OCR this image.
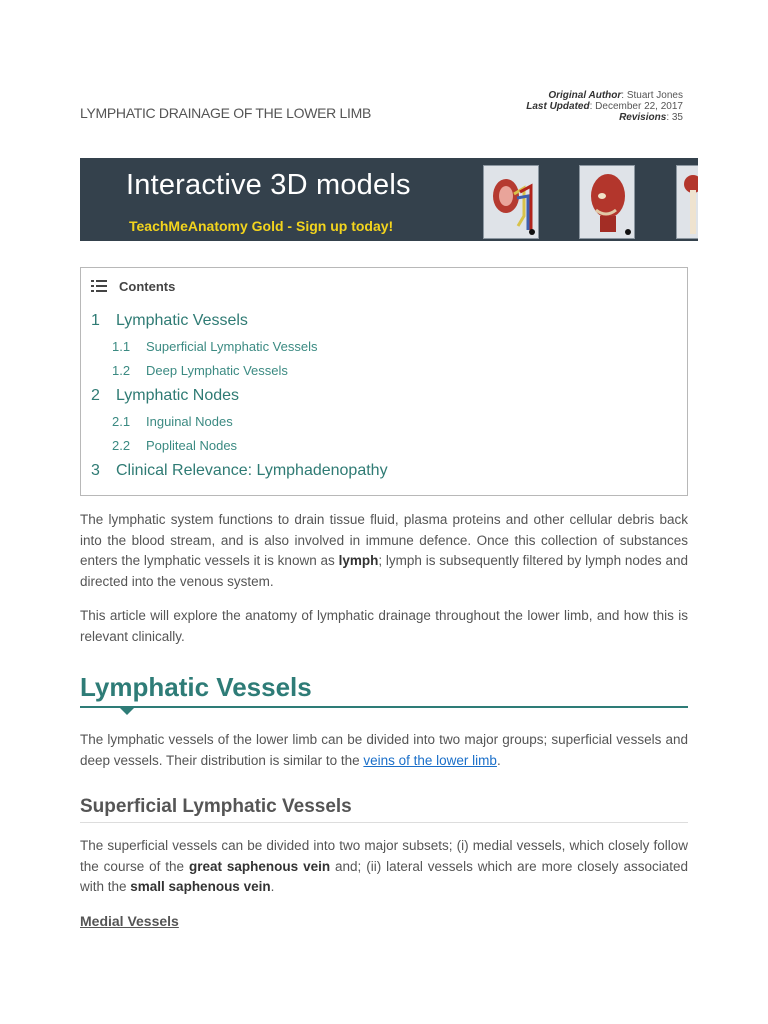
LYMPHATIC DRAINAGE OF THE LOWER LIMB
Original Author: Stuart Jones
Last Updated: December 22, 2017
Revisions: 35
Interactive 3D models
TeachMeAnatomy Gold - Sign up today!
Contents
1 Lymphatic Vessels
1.1 Superficial Lymphatic Vessels
1.2 Deep Lymphatic Vessels
2 Lymphatic Nodes
2.1 Inguinal Nodes
2.2 Popliteal Nodes
3 Clinical Relevance: Lymphadenopathy

The lymphatic system functions to drain tissue fluid, plasma proteins and other cellular debris back into the blood stream, and is also involved in immune defence. Once this collection of substances enters the lymphatic vessels it is known as lymph; lymph is subsequently filtered by lymph nodes and directed into the venous system.

This article will explore the anatomy of lymphatic drainage throughout the lower limb, and how this is relevant clinically.

Lymphatic Vessels

The lymphatic vessels of the lower limb can be divided into two major groups; superficial vessels and deep vessels. Their distribution is similar to the veins of the lower limb.

Superficial Lymphatic Vessels

The superficial vessels can be divided into two major subsets; (i) medial vessels, which closely follow the course of the great saphenous vein and; (ii) lateral vessels which are more closely associated with the small saphenous vein.

Medial Vessels
